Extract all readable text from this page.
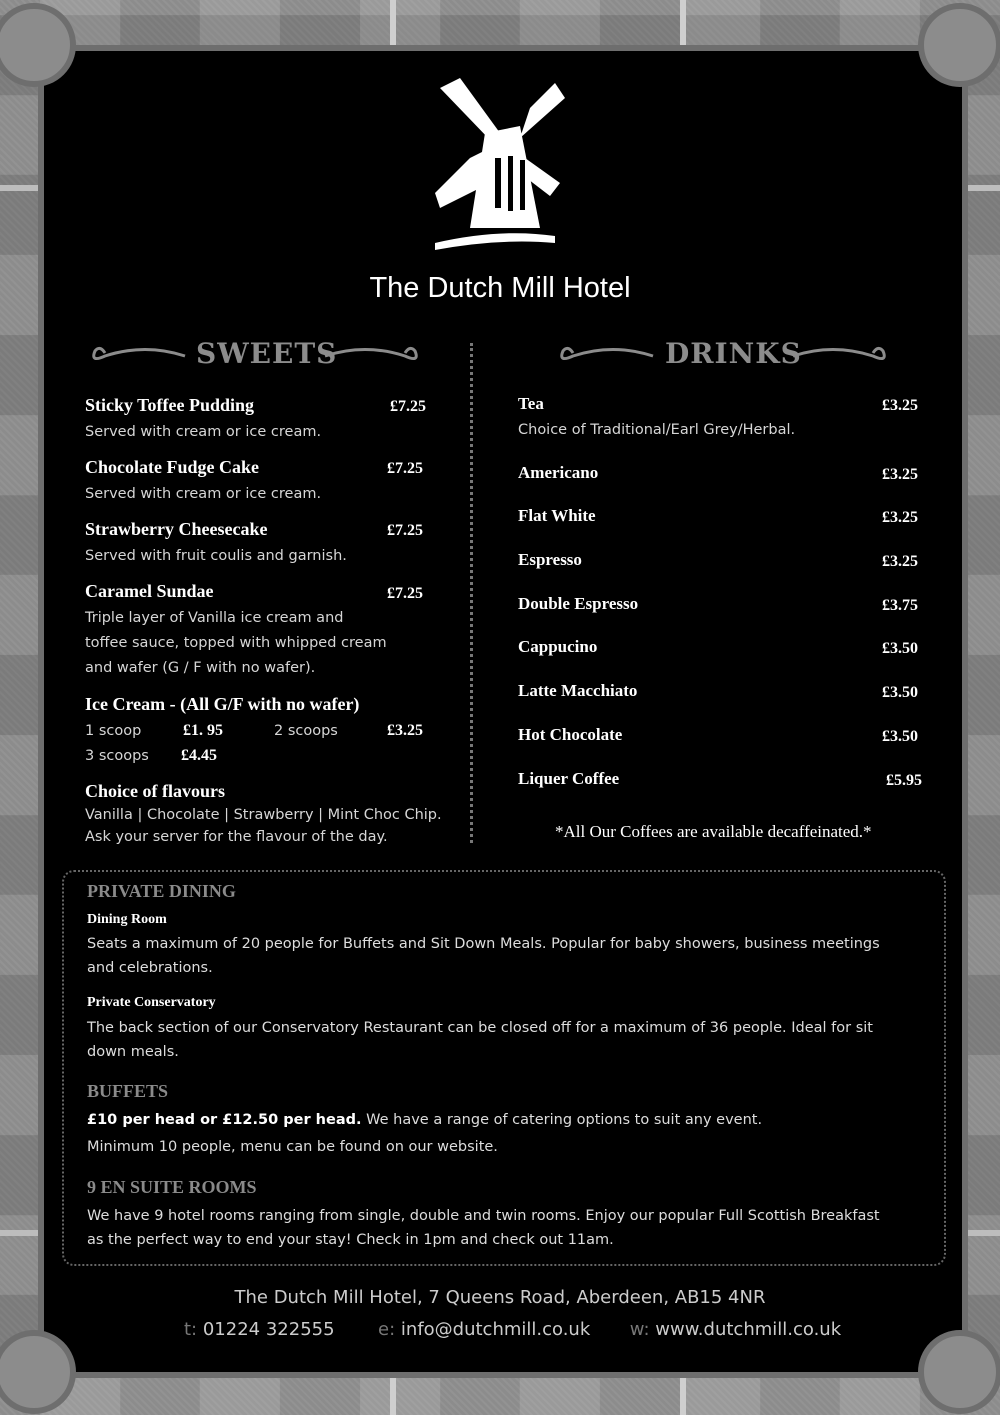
The Dutch Mill Hotel
SWEETS	DRINKS
Sticky Toffee Pudding	£7.25
Served with cream or ice cream.
Chocolate Fudge Cake	£7.25
Served with cream or ice cream.
Strawberry Cheesecake	£7.25
Served with fruit coulis and garnish.
Caramel Sundae	£7.25
Triple layer of Vanilla ice cream and
toffee sauce, topped with whipped cream
and wafer (G / F with no wafer).
Ice Cream - (All G/F with no wafer)
1 scoop	£1. 95	2 scoops	£3.25
3 scoops £4.45
Choice of flavours
Vanilla | Chocolate | Strawberry | Mint Choc Chip.
Ask your server for the flavour of the day.
Tea	£3.25
Choice of Traditional/Earl Grey/Herbal.
Americano	£3.25
Flat White	£3.25
Espresso	£3.25
Double Espresso	£3.75
Cappucino	£3.50
Latte Macchiato	£3.50
Hot Chocolate	£3.50
Liquer Coffee	£5.95
*All Our Coffees are available decaffeinated.*
PRIVATE DINING
Dining Room
Seats a maximum of 20 people for Buffets and Sit Down Meals. Popular for baby showers, business meetings
and celebrations.
Private Conservatory
The back section of our Conservatory Restaurant can be closed off for a maximum of 36 people. Ideal for sit
down meals.
BUFFETS
£10 per head or £12.50 per head. We have a range of catering options to suit any event.
Minimum 10 people, menu can be found on our website.
9 EN SUITE ROOMS
We have 9 hotel rooms ranging from single, double and twin rooms. Enjoy our popular Full Scottish Breakfast
as the perfect way to end your stay! Check in 1pm and check out 11am.
The Dutch Mill Hotel, 7 Queens Road, Aberdeen, AB15 4NR
t: 01224 322555 e: info@dutchmill.co.uk w: www.dutchmill.co.uk
